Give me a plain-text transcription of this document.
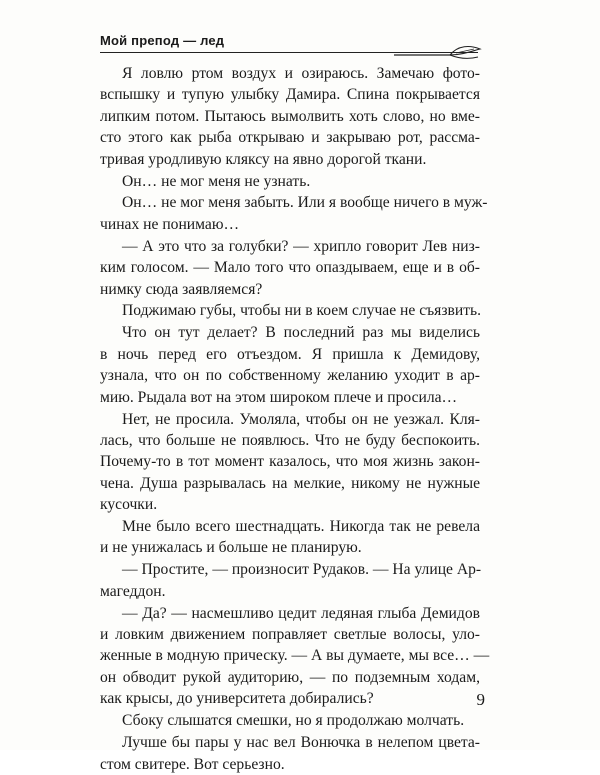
Мой препод — лед
Я ловлю ртом воздух и озираюсь. Замечаю фото-
вспышку и тупую улыбку Дамира. Спина покрывается
липким потом. Пытаюсь вымолвить хоть слово, но вме-
сто этого как рыба открываю и закрываю рот, рассма-
тривая уродливую кляксу на явно дорогой ткани.
Он… не мог меня не узнать.
Он… не мог меня забыть. Или я вообще ничего в муж-
чинах не понимаю…
— А это что за голубки? — хрипло говорит Лев низ-
ким голосом. — Мало того что опаздываем, еще и в об-
нимку сюда заявляемся?
Поджимаю губы, чтобы ни в коем случае не съязвить.
Что он тут делает? В последний раз мы виделись
в ночь перед его отъездом. Я пришла к Демидову, узнала, что он по собственному желанию уходит в ар-
мию. Рыдала вот на этом широком плече и просила…
Нет, не просила. Умоляла, чтобы он не уезжал. Кля-
лась, что больше не появлюсь. Что не буду беспокоить.
Почему-то в тот момент казалось, что моя жизнь закон-
чена. Душа разрывалась на мелкие, никому не нужные
кусочки.
Мне было всего шестнадцать. Никогда так не ревела
и не унижалась и больше не планирую.
— Простите, — произносит Рудаков. — На улице Ар-
магеддон.
— Да? — насмешливо цедит ледяная глыба Демидов
и ловким движением поправляет светлые волосы, уло-
женные в модную прическу. — А вы думаете, мы все… —
он обводит рукой аудиторию, — по подземным ходам,
как крысы, до университета добирались?
Сбоку слышатся смешки, но я продолжаю молчать.
Лучше бы пары у нас вел Вонючка в нелепом цвета-
стом свитере. Вот серьезно.
9
